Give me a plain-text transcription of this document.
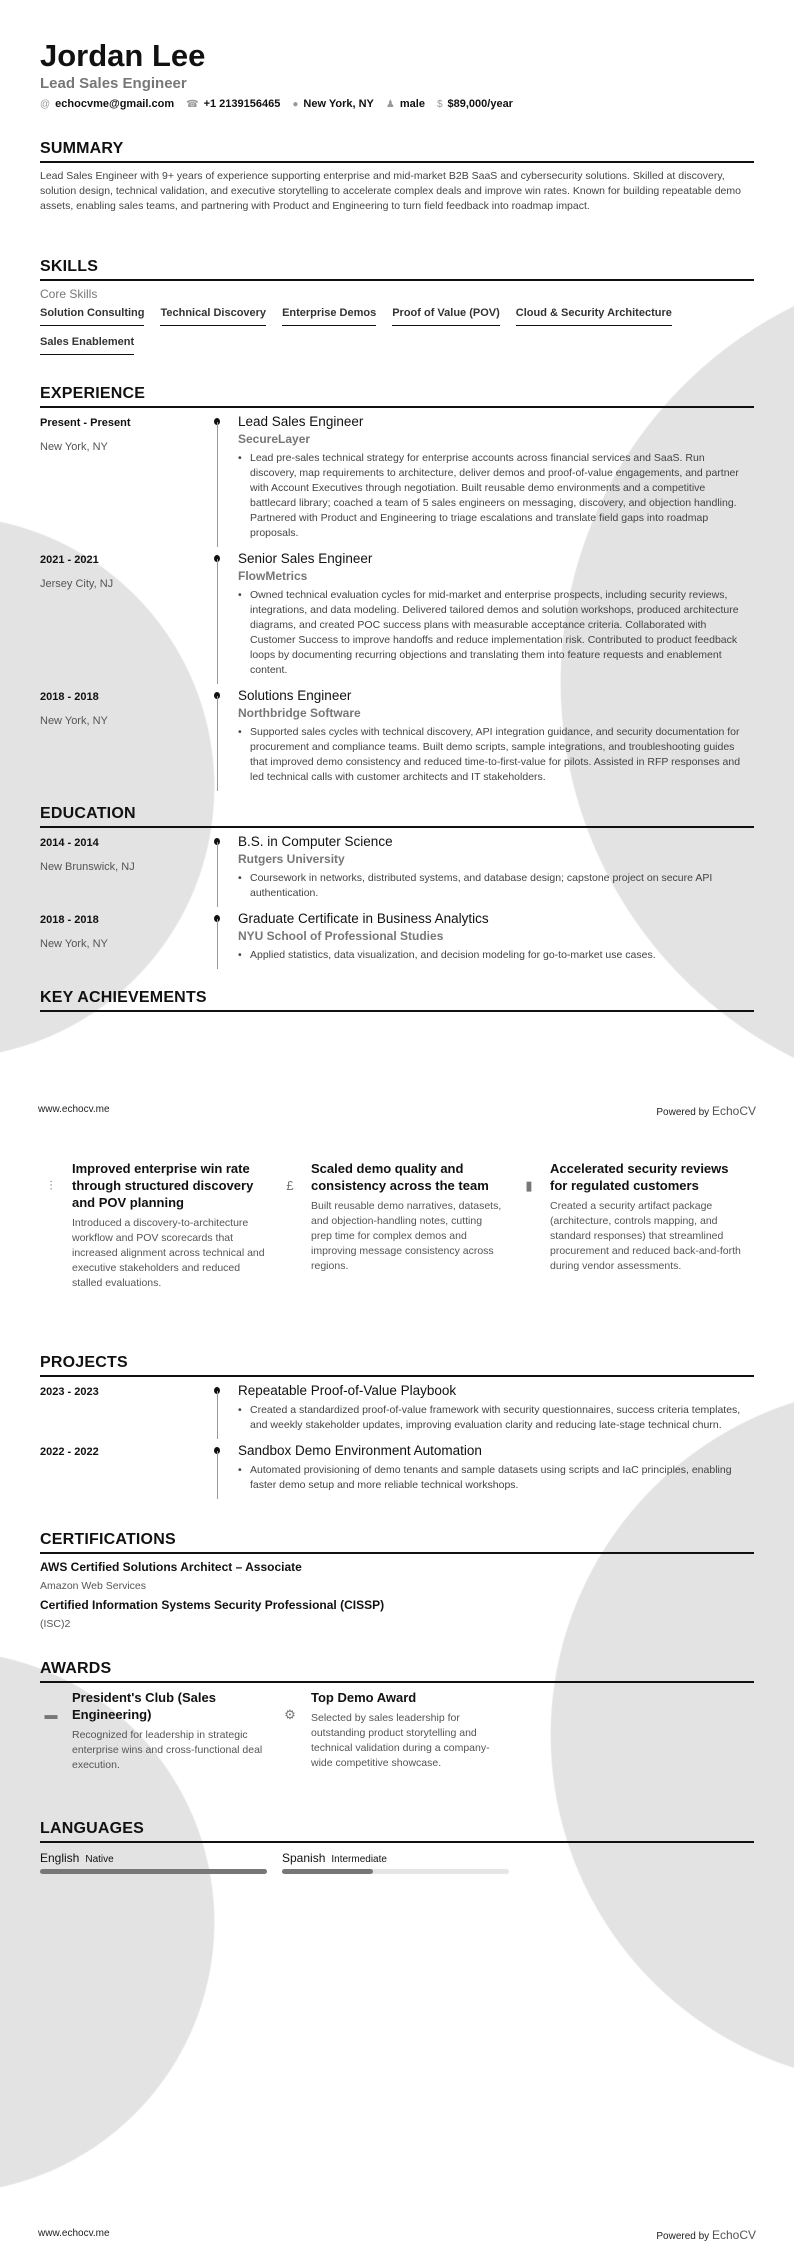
Jordan Lee
Lead Sales Engineer
@ echocvme@gmail.com ☎ +1 2139156465 ● New York, NY ♟ male $ $89,000/year
SUMMARY

Lead Sales Engineer with 9+ years of experience supporting enterprise and mid-market B2B SaaS and cybersecurity solutions. Skilled at discovery, solution design, technical validation, and executive storytelling to accelerate complex deals and improve win rates. Known for building repeatable demo assets, enabling sales teams, and partnering with Product and Engineering to turn field feedback into roadmap impact.

SKILLS
Core Skills
Solution Consulting Technical Discovery Enterprise Demos Proof of Value (POV) Cloud & Security Architecture
Sales Enablement
EXPERIENCE
Present - Present
New York, NY
Lead Sales Engineer
SecureLayer
• Lead pre-sales technical strategy for enterprise accounts across financial services and SaaS. Run discovery, map requirements to architecture, deliver demos and proof-of-value engagements, and partner with Account Executives through negotiation. Built reusable demo environments and a competitive battlecard library; coached a team of 5 sales engineers on messaging, discovery, and objection handling. Partnered with Product and Engineering to triage escalations and translate field gaps into roadmap proposals.
2021 - 2021
Jersey City, NJ
Senior Sales Engineer
FlowMetrics
• Owned technical evaluation cycles for mid-market and enterprise prospects, including security reviews, integrations, and data modeling. Delivered tailored demos and solution workshops, produced architecture diagrams, and created POC success plans with measurable acceptance criteria. Collaborated with Customer Success to improve handoffs and reduce implementation risk. Contributed to product feedback loops by documenting recurring objections and translating them into feature requests and enablement content.
2018 - 2018
New York, NY
Solutions Engineer
Northbridge Software
• Supported sales cycles with technical discovery, API integration guidance, and security documentation for procurement and compliance teams. Built demo scripts, sample integrations, and troubleshooting guides that improved demo consistency and reduced time-to-first-value for pilots. Assisted in RFP responses and led technical calls with customer architects and IT stakeholders.
EDUCATION
2014 - 2014
New Brunswick, NJ
B.S. in Computer Science
Rutgers University
• Coursework in networks, distributed systems, and database design; capstone project on secure API authentication.
2018 - 2018
New York, NY
Graduate Certificate in Business Analytics
NYU School of Professional Studies
• Applied statistics, data visualization, and decision modeling for go-to-market use cases.
KEY ACHIEVEMENTS
www.echocv.me	Powered by EchoCV
⫶
Improved enterprise win rate through structured discovery and POV planning
Introduced a discovery-to-architecture workflow and POV scorecards that increased alignment across technical and executive stakeholders and reduced stalled evaluations.
£
Scaled demo quality and consistency across the team
Built reusable demo narratives, datasets, and objection-handling notes, cutting prep time for complex demos and improving message consistency across regions.
▮
Accelerated security reviews for regulated customers
Created a security artifact package (architecture, controls mapping, and standard responses) that streamlined procurement and reduced back-and-forth during vendor assessments.
PROJECTS
2023 - 2023	Repeatable Proof-of-Value Playbook
• Created a standardized proof-of-value framework with security questionnaires, success criteria templates, and weekly stakeholder updates, improving evaluation clarity and reducing late-stage technical churn.
2022 - 2022	Sandbox Demo Environment Automation
• Automated provisioning of demo tenants and sample datasets using scripts and IaC principles, enabling faster demo setup and more reliable technical workshops.
CERTIFICATIONS
AWS Certified Solutions Architect – Associate
Amazon Web Services
Certified Information Systems Security Professional (CISSP)
(ISC)2
AWARDS
▬
President's Club (Sales Engineering)
Recognized for leadership in strategic enterprise wins and cross-functional deal execution.
⚙
Top Demo Award
Selected by sales leadership for outstanding product storytelling and technical validation during a company-wide competitive showcase.
LANGUAGES
English Native	Spanish Intermediate
www.echocv.me	Powered by EchoCV
